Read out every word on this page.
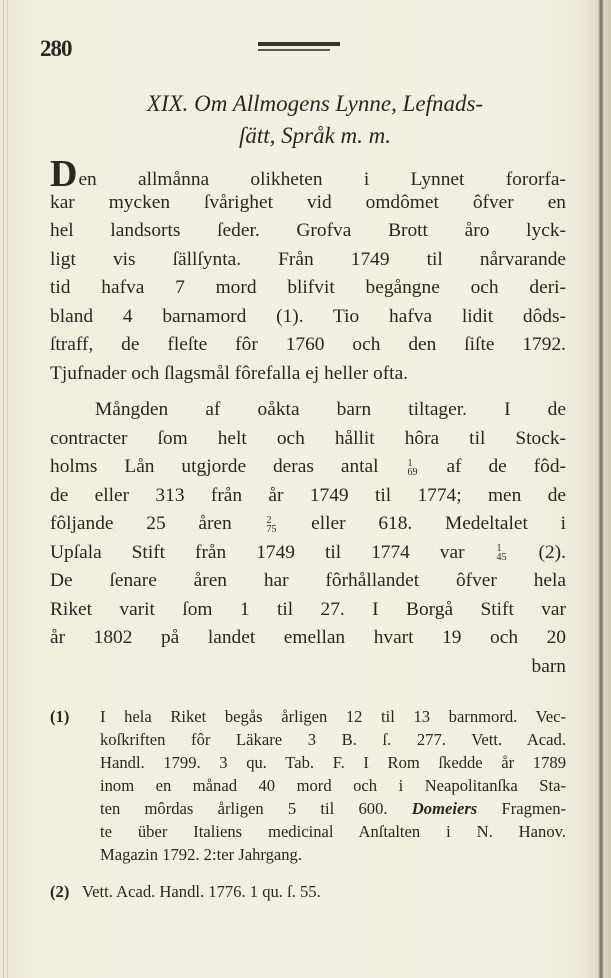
280
XIX. Om Allmogens Lynne, Lefnads-
ſätt, Språk m. m.
Den allmånna olikheten i Lynnet fororfa-
kar mycken ſvårighet vid omdômet ôfver en
hel landsorts ſeder. Grofva Brott åro lyck-
ligt vis ſällſynta. Från 1749 til nårvarande
tid hafva 7 mord blifvit begångne och deri-
bland 4 barnamord (1). Tio hafva lidit dôds-
ſtraff, de fleſte fôr 1760 och den ſiſte 1792.
Tjufnader och ſlagsmål fôrefalla ej heller ofta.
Mångden af oåkta barn tiltager. I de
contracter ſom helt och hållit hôra til Stock-
holms Lån utgjorde deras antal	1
69 af de fôd-
de eller 313 från år 1749 til 1774; men de
fôljande 25 åren	2
75 eller 618. Medeltalet i
Upſala Stift från 1749 til 1774 var	1
45 (2).
De ſenare åren har fôrhållandet ôfver hela
Riket varit ſom 1 til 27. I Borgå Stift var
år 1802 på landet emellan hvart 19 och 20
barn
(1) I hela Riket begås årligen 12 til 13 barnmord. Vec-
koſkriften fôr Läkare 3 B. ſ. 277. Vett. Acad.
Handl. 1799. 3 qu. Tab. F. I Rom ſkedde år 1789
inom en månad 40 mord och i Neapolitanſka Sta-
ten môrdas årligen 5 til 600. Domeiers Fragmen-
te über Italiens medicinal Anſtalten i N. Hanov.
Magazin 1792. 2:ter Jahrgang.
(2) Vett. Acad. Handl. 1776. 1 qu. ſ. 55.
